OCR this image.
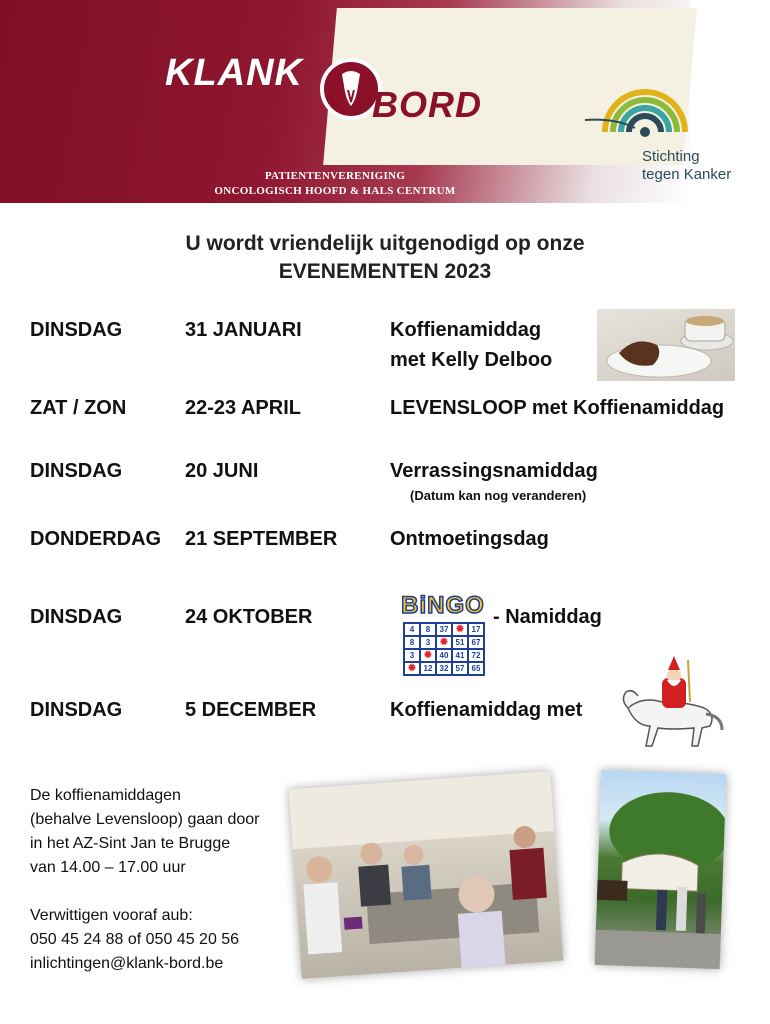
KLANK
BORD
PATIENTENVERENIGING
ONCOLOGISCH HOOFD & HALS CENTRUM
Stichting
tegen Kanker
U wordt vriendelijk uitgenodigd op onze
EVENEMENTEN 2023
DINSDAG	31 JANUARI	Koffienamiddag
met Kelly Delboo
ZAT / ZON	22-23 APRIL	LEVENSLOOP met Koffienamiddag
DINSDAG	20 JUNI	Verrassingsnamiddag
(Datum kan nog veranderen)
DONDERDAG 21 SEPTEMBER	Ontmoetingsdag
DINSDAG	24 OKTOBER	BiNGO
4	8	37 ✹ 17
8	3 ✹ 51 67
3 ✹ 40 41 72
✹ 12 32 57 65
- Namiddag
DINSDAG	5 DECEMBER	Koffienamiddag met
De koffienamiddagen
(behalve Levensloop) gaan door
in het AZ-Sint Jan te Brugge
van 14.00 – 17.00 uur
Verwittigen vooraf aub:
050 45 24 88 of 050 45 20 56
inlichtingen@klank-bord.be
